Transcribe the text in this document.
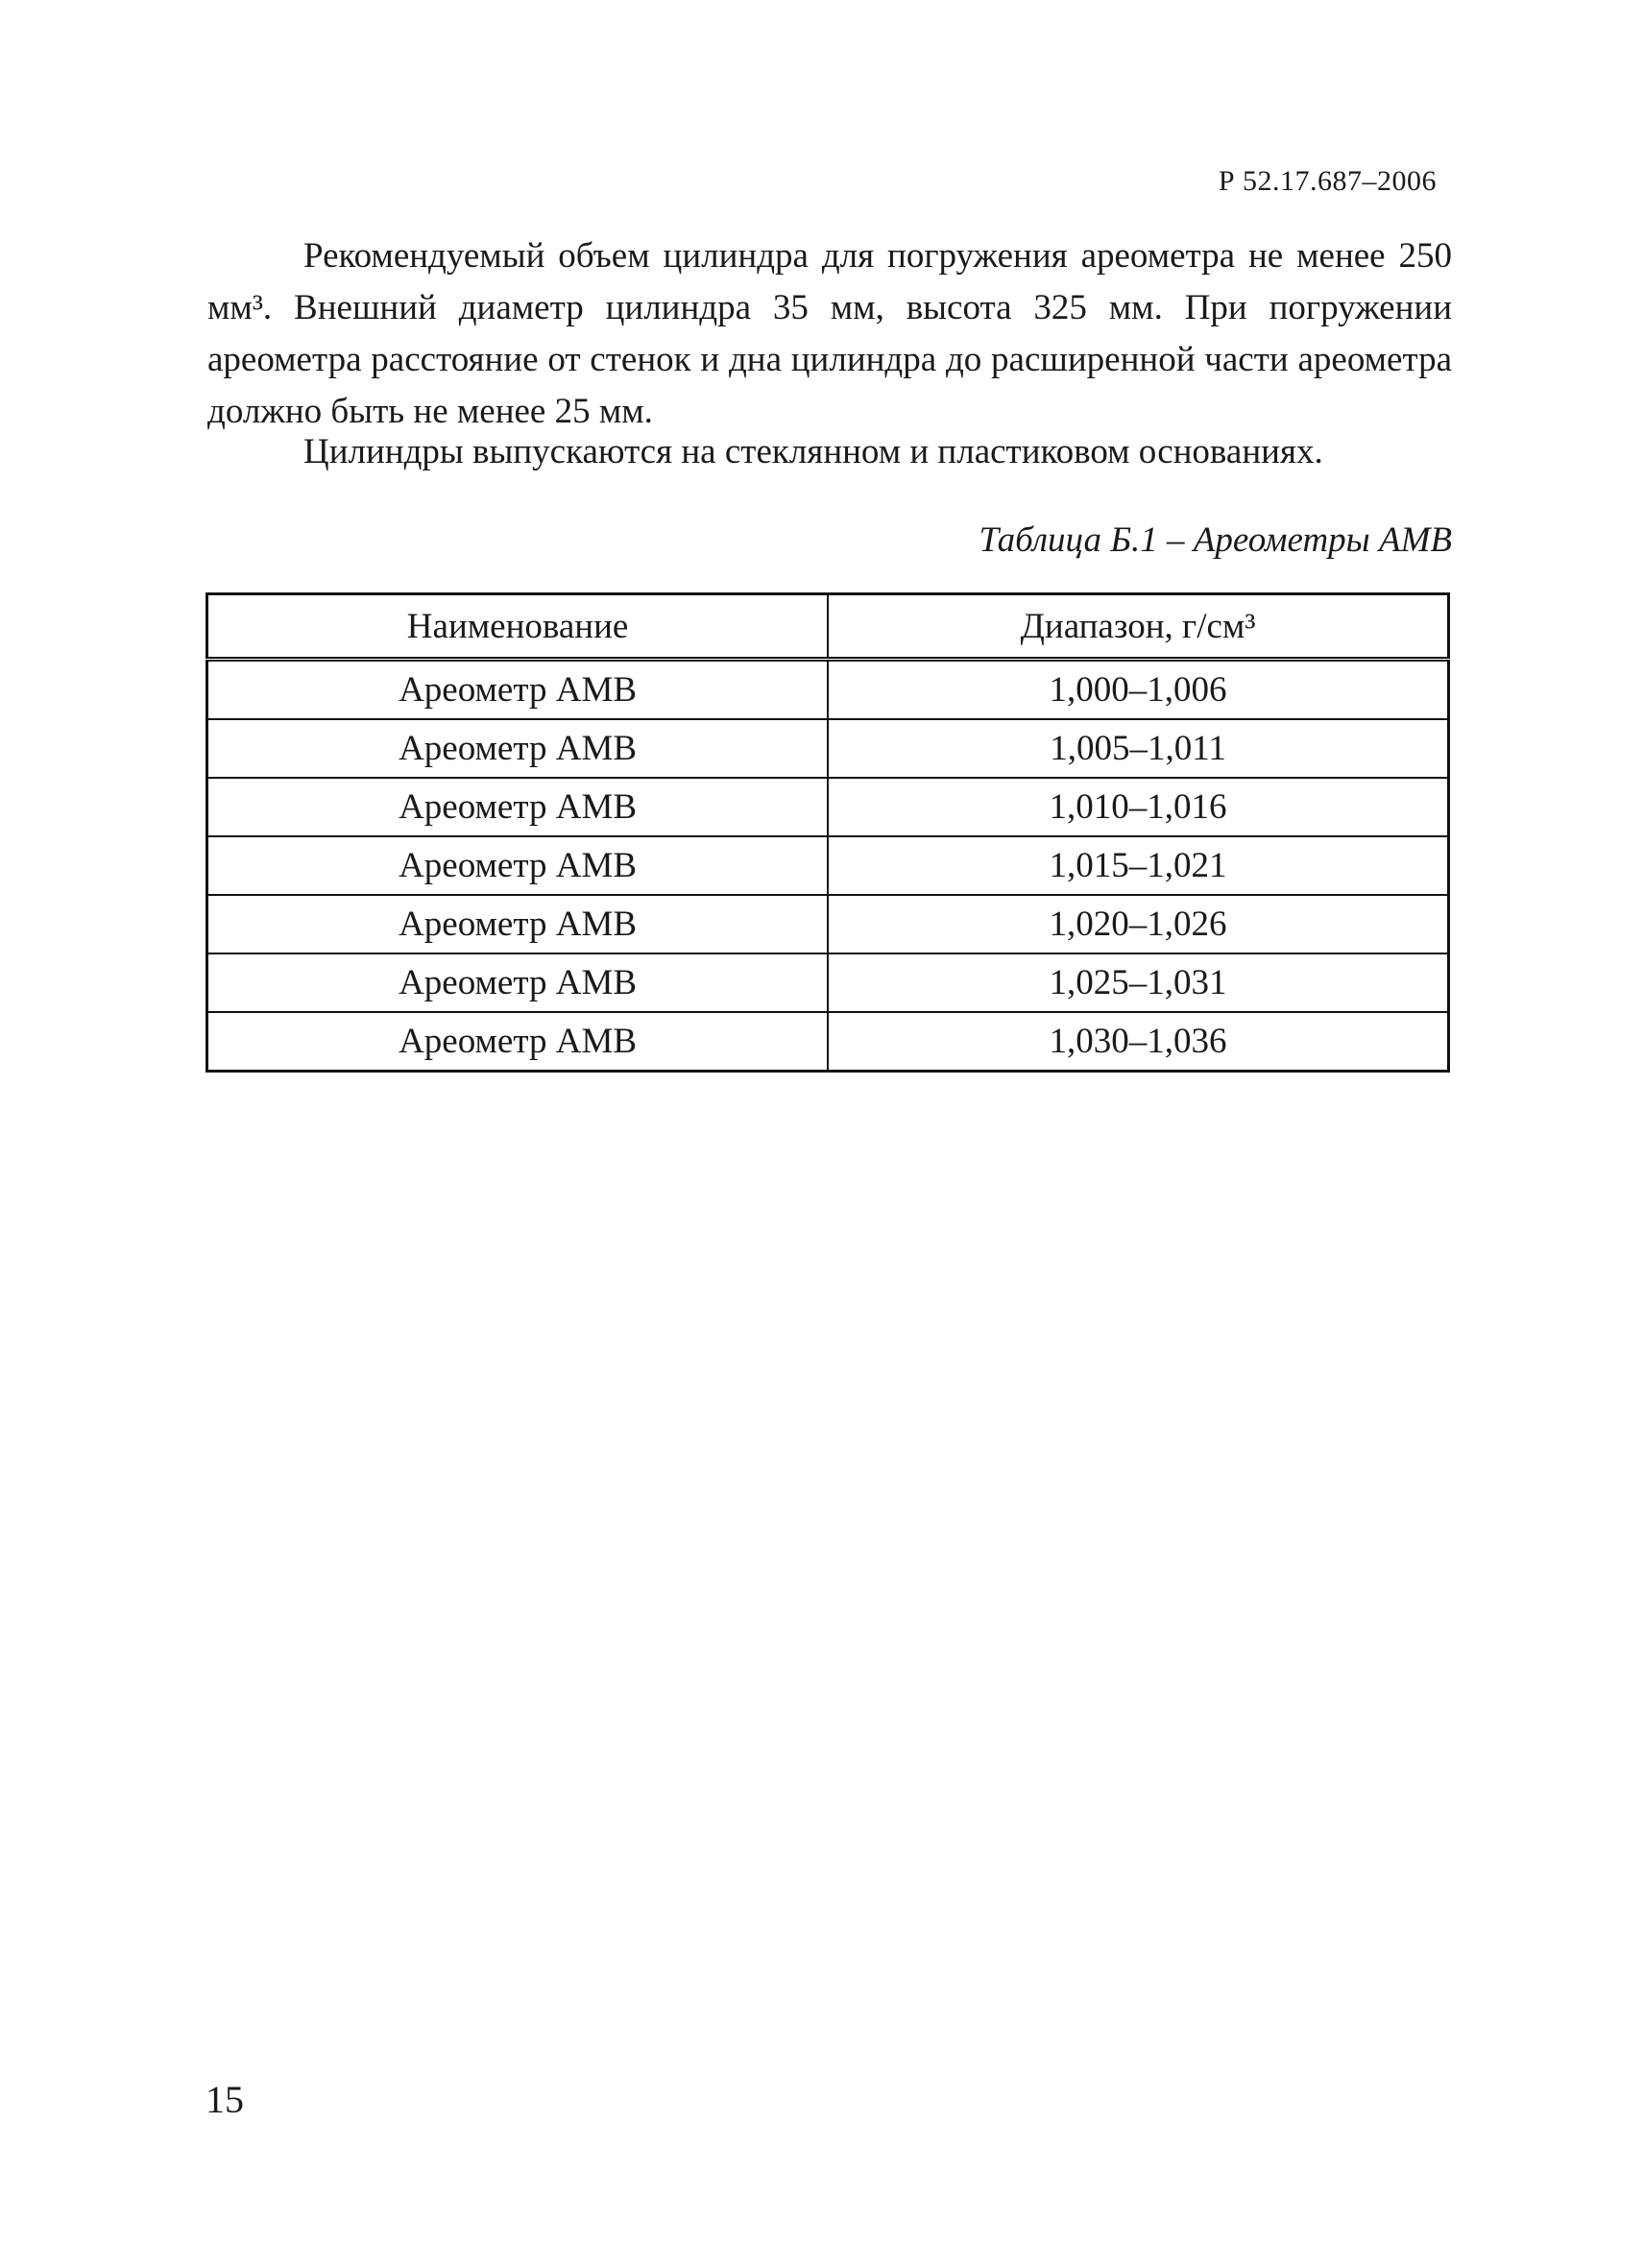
Р 52.17.687–2006

Рекомендуемый объем цилиндра для погружения ареометра не менее 250 мм³. Внешний диаметр цилиндра 35 мм, высота 325 мм. При погружении ареометра расстояние от стенок и дна цилиндра до расширенной части ареометра должно быть не менее 25 мм.

Цилиндры выпускаются на стеклянном и пластиковом основаниях.

Таблица Б.1 – Ареометры АМВ
Наименование	Диапазон, г/см³
Ареометр АМВ	1,000–1,006
Ареометр АМВ	1,005–1,011
Ареометр АМВ	1,010–1,016
Ареометр АМВ	1,015–1,021
Ареометр АМВ	1,020–1,026
Ареометр АМВ	1,025–1,031
Ареометр АМВ	1,030–1,036
15
